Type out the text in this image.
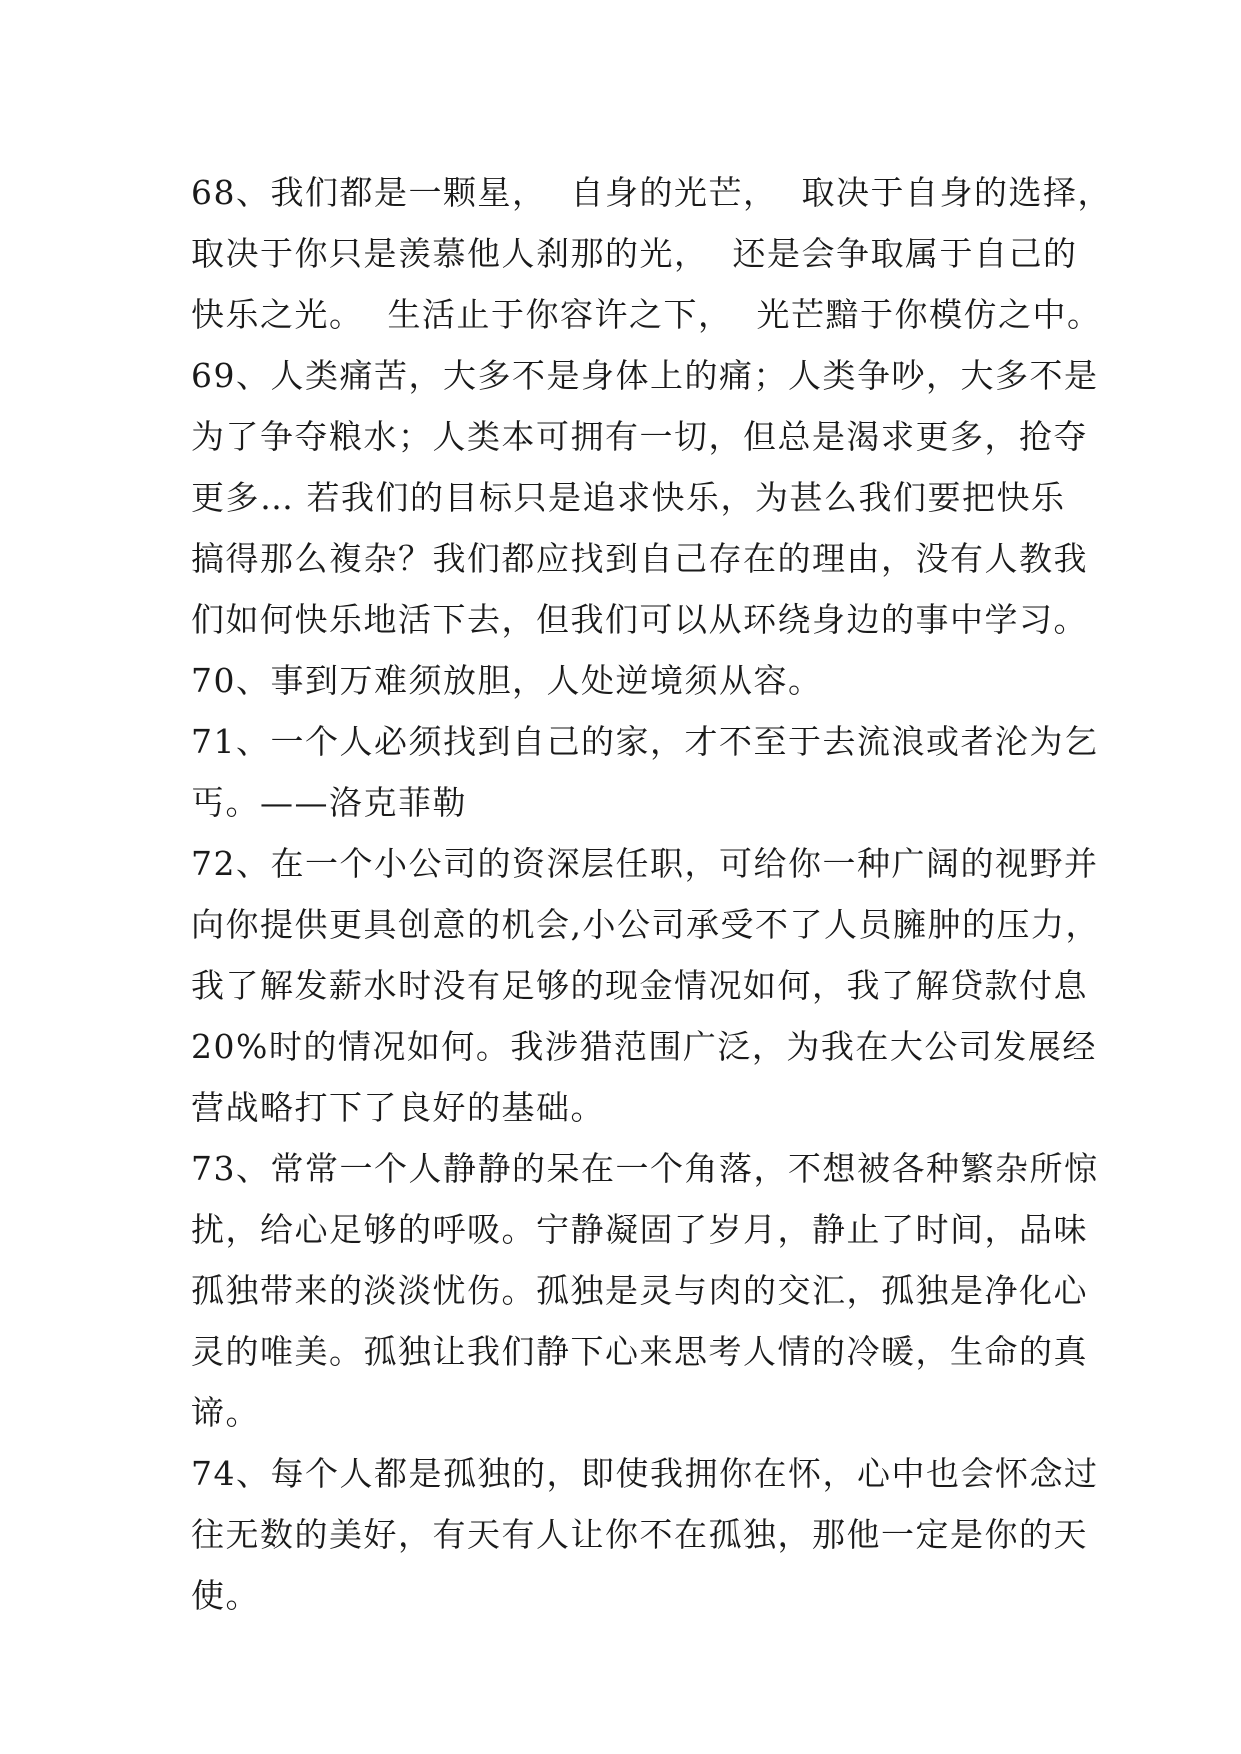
68、我们都是一颗星，  自身的光芒，  取决于自身的选择，
取决于你只是羡慕他人刹那的光，  还是会争取属于自己的
快乐之光。  生活止于你容许之下，  光芒黯于你模仿之中。
69、人类痛苦，大多不是身体上的痛；人类争吵，大多不是
为了争夺粮水；人类本可拥有一切，但总是渴求更多，抢夺
更多… 若我们的目标只是追求快乐，为甚么我们要把快乐
搞得那么複杂？我们都应找到自己存在的理由，没有人教我
们如何快乐地活下去，但我们可以从环绕身边的事中学习。
70、事到万难须放胆，人处逆境须从容。
71、一个人必须找到自己的家，才不至于去流浪或者沦为乞
丐。——洛克菲勒
72、在一个小公司的资深层任职，可给你一种广阔的视野并
向你提供更具创意的机会,小公司承受不了人员臃肿的压力，
我了解发薪水时没有足够的现金情况如何，我了解贷款付息
20%时的情况如何。我涉猎范围广泛，为我在大公司发展经
营战略打下了良好的基础。
73、常常一个人静静的呆在一个角落，不想被各种繁杂所惊
扰，给心足够的呼吸。宁静凝固了岁月，静止了时间，品味
孤独带来的淡淡忧伤。孤独是灵与肉的交汇，孤独是净化心
灵的唯美。孤独让我们静下心来思考人情的冷暖，生命的真
谛。
74、每个人都是孤独的，即使我拥你在怀，心中也会怀念过
往无数的美好，有天有人让你不在孤独，那他一定是你的天
使。
